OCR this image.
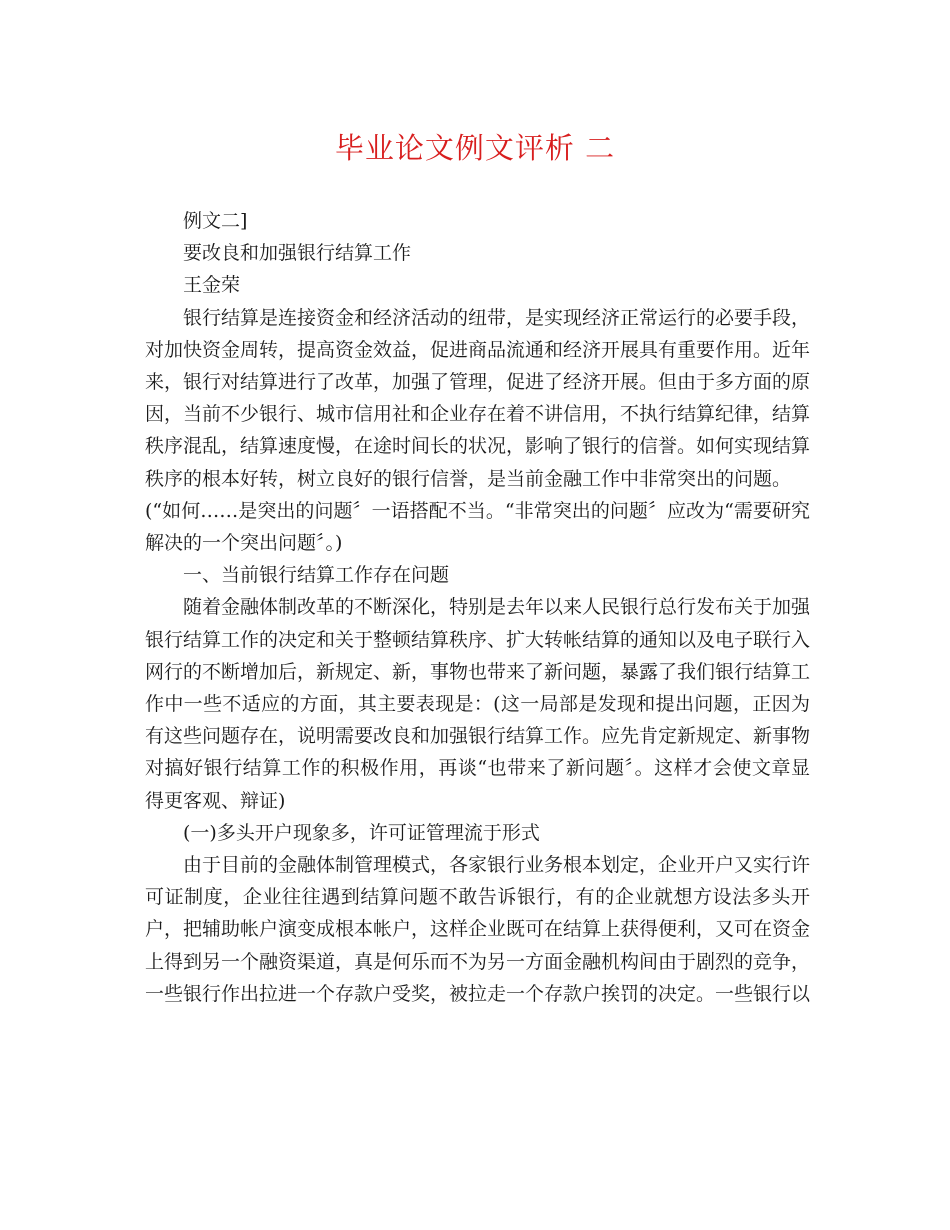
毕业论文例文评析 二

例文二]

要改良和加强银行结算工作

王金荣

银行结算是连接资金和经济活动的纽带，是实现经济正常运行的必要手段，对加快资金周转，提高资金效益，促进商品流通和经济开展具有重要作用。近年来，银行对结算进行了改革，加强了管理，促进了经济开展。但由于多方面的原因，当前不少银行、城市信用社和企业存在着不讲信用，不执行结算纪律，结算秩序混乱，结算速度慢，在途时间长的状况，影响了银行的信誉。如何实现结算秩序的根本好转，树立良好的银行信誉，是当前金融工作中非常突出的问题。

(“如何……是突出的问题〞一语搭配不当。“非常突出的问题〞应改为“需要研究解决的一个突出问题〞。)

一、当前银行结算工作存在问题

随着金融体制改革的不断深化，特别是去年以来人民银行总行发布关于加强银行结算工作的决定和关于整顿结算秩序、扩大转帐结算的通知以及电子联行入网行的不断增加后，新规定、新，事物也带来了新问题，暴露了我们银行结算工作中一些不适应的方面，其主要表现是：(这一局部是发现和提出问题，正因为有这些问题存在，说明需要改良和加强银行结算工作。应先肯定新规定、新事物对搞好银行结算工作的积极作用，再谈“也带来了新问题〞。这样才会使文章显得更客观、辩证)

(一)多头开户现象多，许可证管理流于形式

由于目前的金融体制管理模式，各家银行业务根本划定，企业开户又实行许可证制度，企业往往遇到结算问题不敢告诉银行，有的企业就想方设法多头开户，把辅助帐户演变成根本帐户，这样企业既可在结算上获得便利，又可在资金上得到另一个融资渠道，真是何乐而不为另一方面金融机构间由于剧烈的竞争，一些银行作出拉进一个存款户受奖，被拉走一个存款户挨罚的决定。一些银行以
